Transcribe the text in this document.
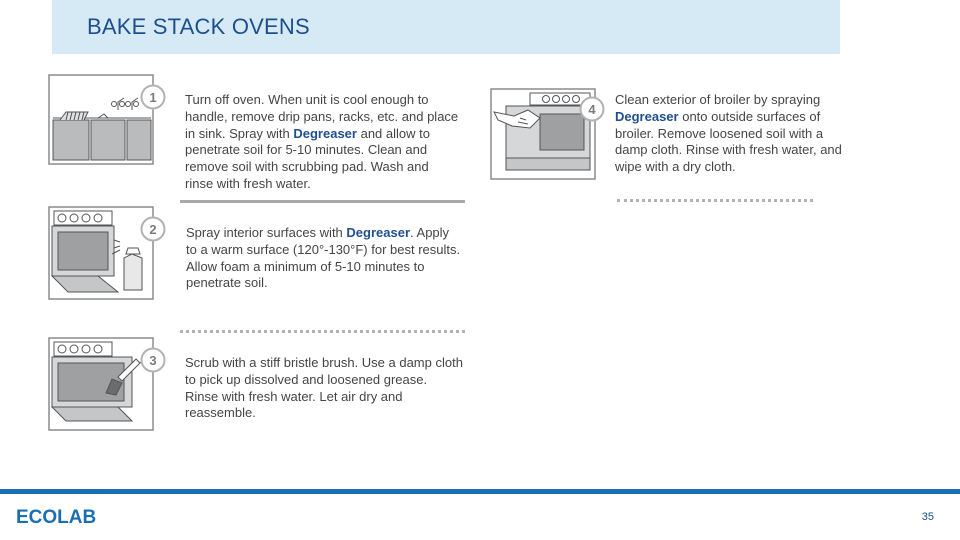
BAKE STACK OVENS
1 Turn off oven. When unit is cool enough to handle, remove drip pans, racks, etc. and place in sink. Spray with Degreaser and allow to penetrate soil for 5-10 minutes. Clean and remove soil with scrubbing pad. Wash and rinse with fresh water.

2 Spray interior surfaces with Degreaser. Apply to a warm surface (120°-130°F) for best results. Allow foam a minimum of 5-10 minutes to penetrate soil.

3 Scrub with a stiff bristle brush. Use a damp cloth to pick up dissolved and loosened grease. Rinse with fresh water. Let air dry and reassemble.

4

Clean exterior of broiler by spraying Degreaser onto outside surfaces of broiler. Remove loosened soil with a damp cloth. Rinse with fresh water, and wipe with a dry cloth.

ECOLAB	35
